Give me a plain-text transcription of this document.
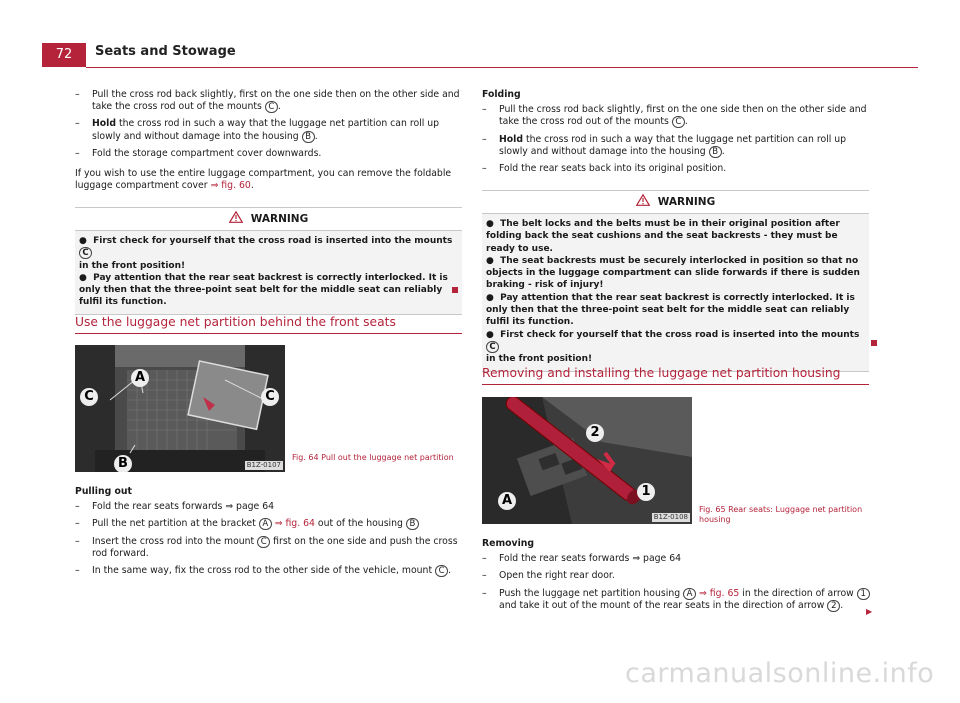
72	Seats and Stowage
– Pull the cross rod back slightly, first on the one side then on the other side and take the cross rod out of the mounts C .
– Hold the cross rod in such a way that the luggage net partition can roll up slowly and without damage into the housing B .
– Fold the storage compartment cover downwards.
If you wish to use the entire luggage compartment, you can remove the foldable luggage compartment cover ⇒ fig. 60.
WARNING
●  First check for yourself that the cross road is inserted into the mounts C
in the front position!
●  Pay attention that the rear seat backrest is correctly interlocked. It is only then that the three-point seat belt for the middle seat can reliably fulfil its function.
Use the luggage net partition behind the front seats
A
B
C	C
B1Z-0107
Fig. 64 Pull out the luggage net partition
Pulling out
– Fold the rear seats forwards ⇒ page 64
– Pull the net partition at the bracket A ⇒ fig. 64 out of the housing B
– Insert the cross rod into the mount C first on the one side and push the cross rod forward.
– In the same way, fix the cross rod to the other side of the vehicle, mount C .
Folding
– Pull the cross rod back slightly, first on the one side then on the other side and take the cross rod out of the mounts C .
– Hold the cross rod in such a way that the luggage net partition can roll up slowly and without damage into the housing B .
– Fold the rear seats back into its original position.
WARNING
●  The belt locks and the belts must be in their original position after folding back the seat cushions and the seat backrests - they must be ready to use.
●  The seat backrests must be securely interlocked in position so that no objects in the luggage compartment can slide forwards if there is sudden braking - risk of injury!
●  Pay attention that the rear seat backrest is correctly interlocked. It is only then that the three-point seat belt for the middle seat can reliably fulfil its function.
●  First check for yourself that the cross road is inserted into the mounts C
in the front position!
Removing and installing the luggage net partition housing
A
1
2
B1Z-0108
Fig. 65 Rear seats: Luggage net partition housing
Removing
– Fold the rear seats forwards ⇒ page 64
– Open the right rear door.
– Push the luggage net partition housing A ⇒ fig. 65 in the direction of arrow 1 and take it out of the mount of the rear seats in the direction of arrow 2 .
▶
carmanualsonline.info
